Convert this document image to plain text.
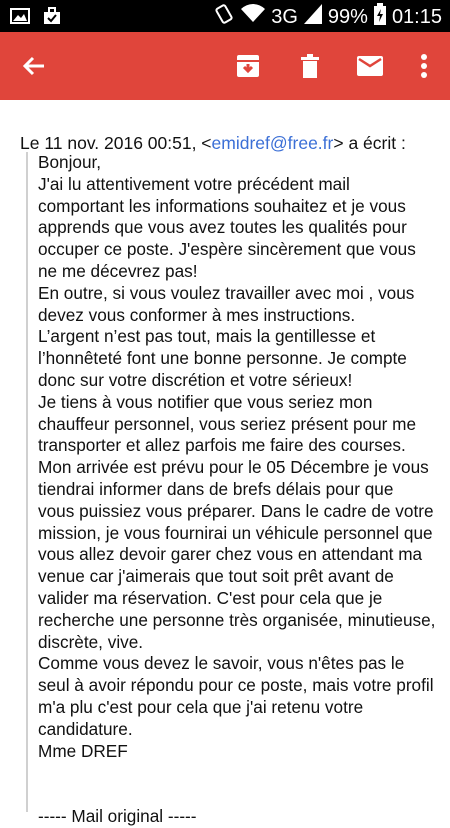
3G 99% 01:15
Le 11 nov. 2016 00:51, <emidref@free.fr> a écrit :
Bonjour,
J'ai lu attentivement votre précédent mail
comportant les informations souhaitez et je vous
apprends que vous avez toutes les qualités pour
occuper ce poste. J'espère sincèrement que vous
ne me décevrez pas!
En outre, si vous voulez travailler avec moi , vous
devez vous conformer à mes instructions.
L’argent n’est pas tout, mais la gentillesse et
l’honnêteté font une bonne personne. Je compte
donc sur votre discrétion et votre sérieux!
Je tiens à vous notifier que vous seriez mon
chauffeur personnel, vous seriez présent pour me
transporter et allez parfois me faire des courses.
Mon arrivée est prévu pour le 05 Décembre je vous
tiendrai informer dans de brefs délais pour que
vous puissiez vous préparer. Dans le cadre de votre
mission, je vous fournirai un véhicule personnel que
vous allez devoir garer chez vous en attendant ma
venue car j'aimerais que tout soit prêt avant de
valider ma réservation. C'est pour cela que je
recherche une personne très organisée, minutieuse,
discrète, vive.
Comme vous devez le savoir, vous n'êtes pas le
seul à avoir répondu pour ce poste, mais votre profil
m'a plu c'est pour cela que j'ai retenu votre
candidature.
Mme DREF
----- Mail original -----
